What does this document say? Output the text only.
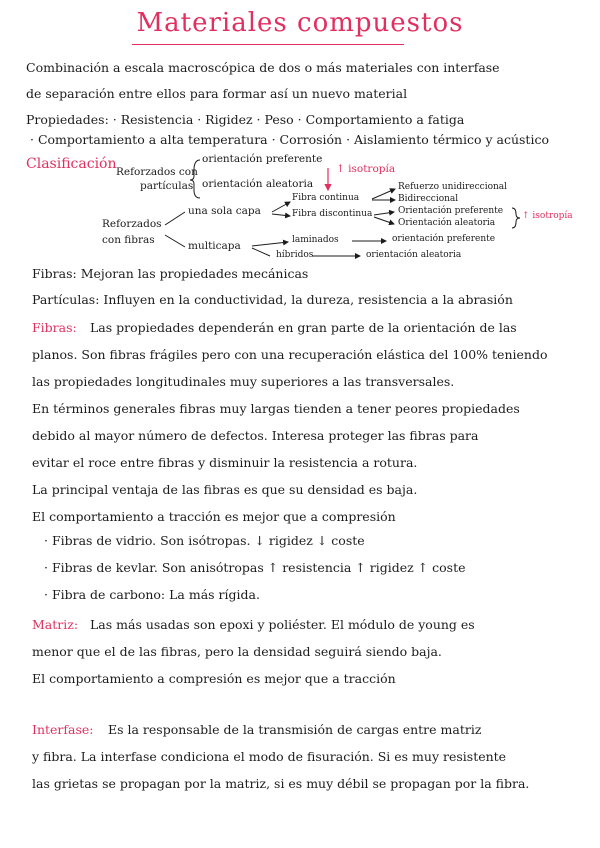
Materiales compuestos
Combinación a escala macroscópica de dos o más materiales con interfase
de separación entre ellos para formar así un nuevo material
Propiedades: · Resistencia · Rigidez · Peso · Comportamiento a fatiga
· Comportamiento a alta temperatura · Corrosión · Aislamiento térmico y acústico
Clasificación Reforzados con
partículas
orientación preferente
orientación aleatoria
↑ isotropía
Reforzados
con fibras
una sola capa
Fibra continua
Fibra discontinua
Refuerzo unidireccional
Bidireccional
Orientación preferente
Orientación aleatoria
↑ isotropía
multicapa	laminados
híbridos
orientación preferente
orientación aleatoria
Fibras: Mejoran las propiedades mecánicas
Partículas: Influyen en la conductividad, la dureza, resistencia a la abrasión
Fibras: Las propiedades dependerán en gran parte de la orientación de las
planos. Son fibras frágiles pero con una recuperación elástica del 100% teniendo
las propiedades longitudinales muy superiores a las transversales.
En términos generales fibras muy largas tienden a tener peores propiedades
debido al mayor número de defectos. Interesa proteger las fibras para
evitar el roce entre fibras y disminuir la resistencia a rotura.
La principal ventaja de las fibras es que su densidad es baja.
El comportamiento a tracción es mejor que a compresión
· Fibras de vidrio. Son isótropas. ↓ rigidez ↓ coste
· Fibras de kevlar. Son anisótropas ↑ resistencia ↑ rigidez ↑ coste
· Fibra de carbono: La más rígida.
Matriz: Las más usadas son epoxi y poliéster. El módulo de young es
menor que el de las fibras, pero la densidad seguirá siendo baja.
El comportamiento a compresión es mejor que a tracción
Interfase: Es la responsable de la transmisión de cargas entre matriz
y fibra. La interfase condiciona el modo de fisuración. Si es muy resistente
las grietas se propagan por la matriz, si es muy débil se propagan por la fibra.
